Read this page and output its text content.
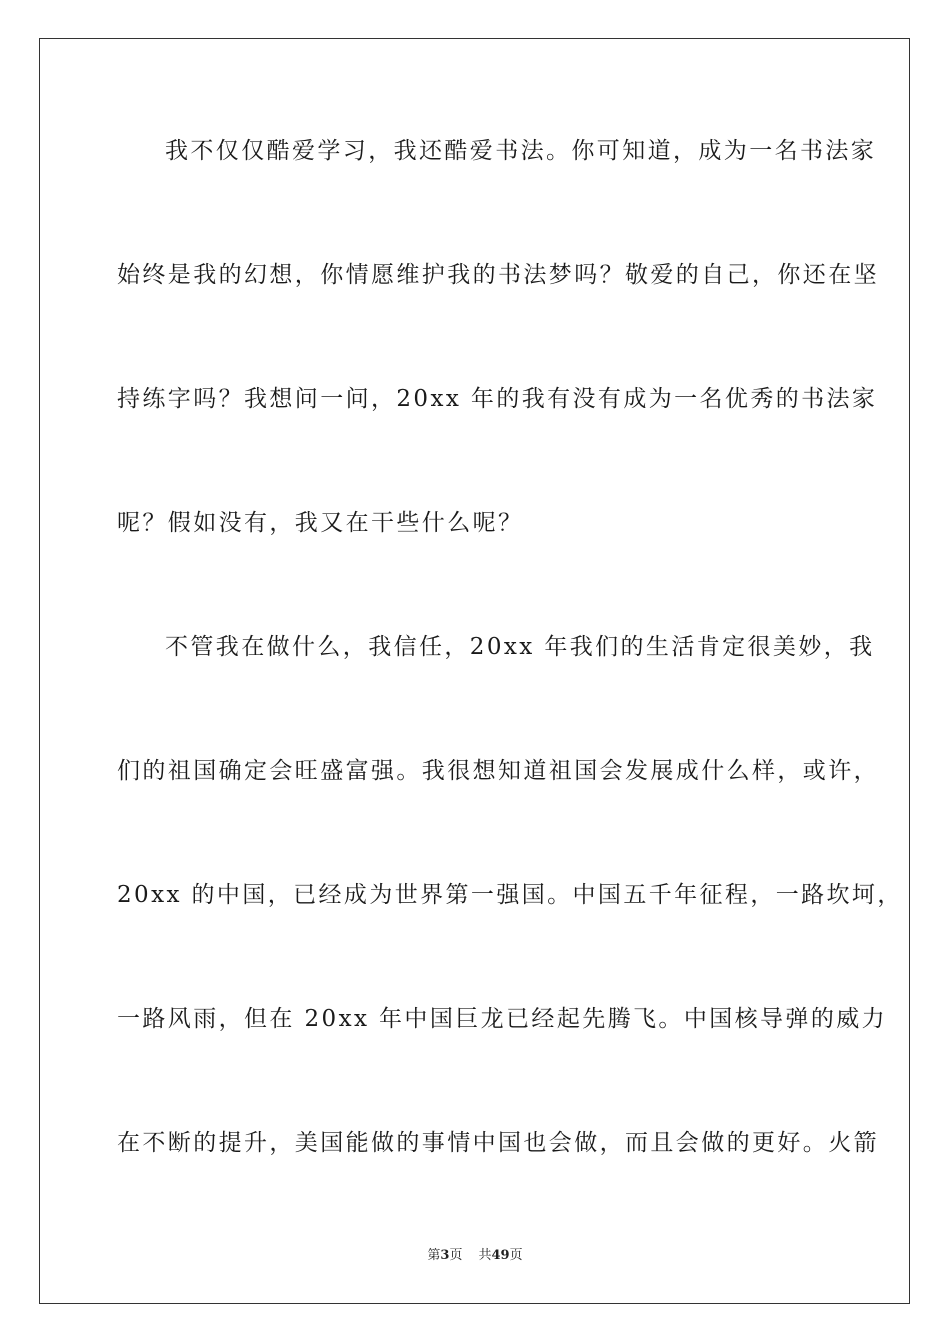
我不仅仅酷爱学习，我还酷爱书法。你可知道，成为一名书法家
始终是我的幻想，你情愿维护我的书法梦吗？敬爱的自己，你还在坚
持练字吗？我想问一问，20xx 年的我有没有成为一名优秀的书法家
呢？假如没有，我又在干些什么呢？
不管我在做什么，我信任，20xx 年我们的生活肯定很美妙，我
们的祖国确定会旺盛富强。我很想知道祖国会发展成什么样，或许，
20xx 的中国，已经成为世界第一强国。中国五千年征程，一路坎坷，
一路风雨，但在 20xx 年中国巨龙已经起先腾飞。中国核导弹的威力
在不断的提升，美国能做的事情中国也会做，而且会做的更好。火箭
第3页 共49页
